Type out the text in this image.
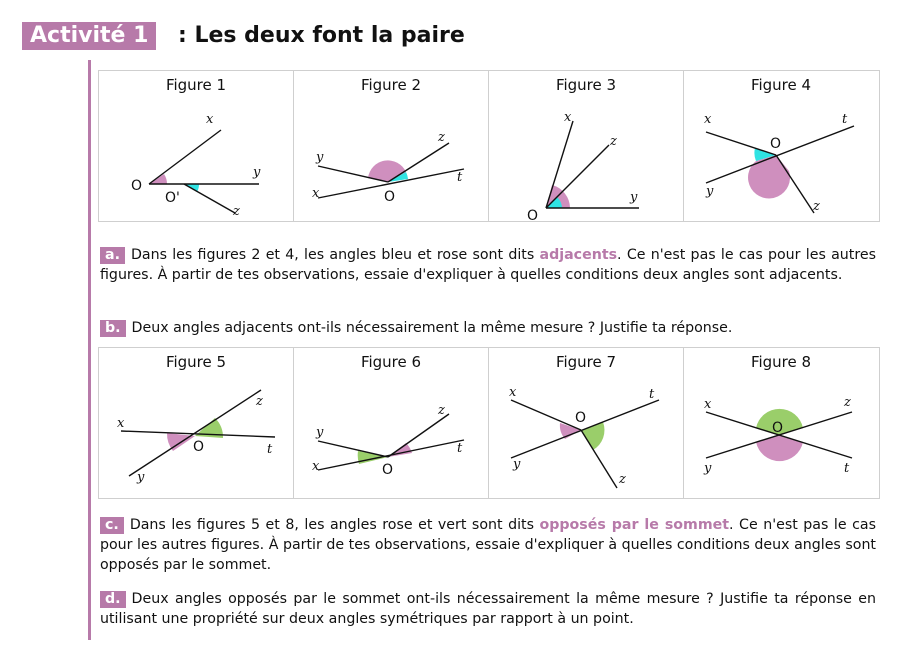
Activité 1	: Les deux font la paire
Figure 1
x
y
z
O
O'
Figure 2
z
y
t
x	O
Figure 3
x
z
y
O
Figure 4
x	t
O
y
z
a. Dans les figures 2 et 4, les angles bleu et rose sont dits adjacents. Ce n'est pas le cas pour les autres figures. À partir de tes observations, essaie d'expliquer à quelles conditions deux angles sont adjacents.
b. Deux angles adjacents ont-ils nécessairement la même mesure ? Justifie ta réponse.
Figure 5
z
x
O	t
y
Figure 6
z
y
t
x	O
Figure 7
x	t
O
y
z
Figure 8
x	z
O
y	t
c. Dans les figures 5 et 8, les angles rose et vert sont dits opposés par le sommet. Ce n'est pas le cas pour les autres figures. À partir de tes observations, essaie d'expliquer à quelles conditions deux angles sont opposés par le sommet.
d. Deux angles opposés par le sommet ont-ils nécessairement la même mesure ? Justifie ta réponse en utilisant une propriété sur deux angles symétriques par rapport à un point.
